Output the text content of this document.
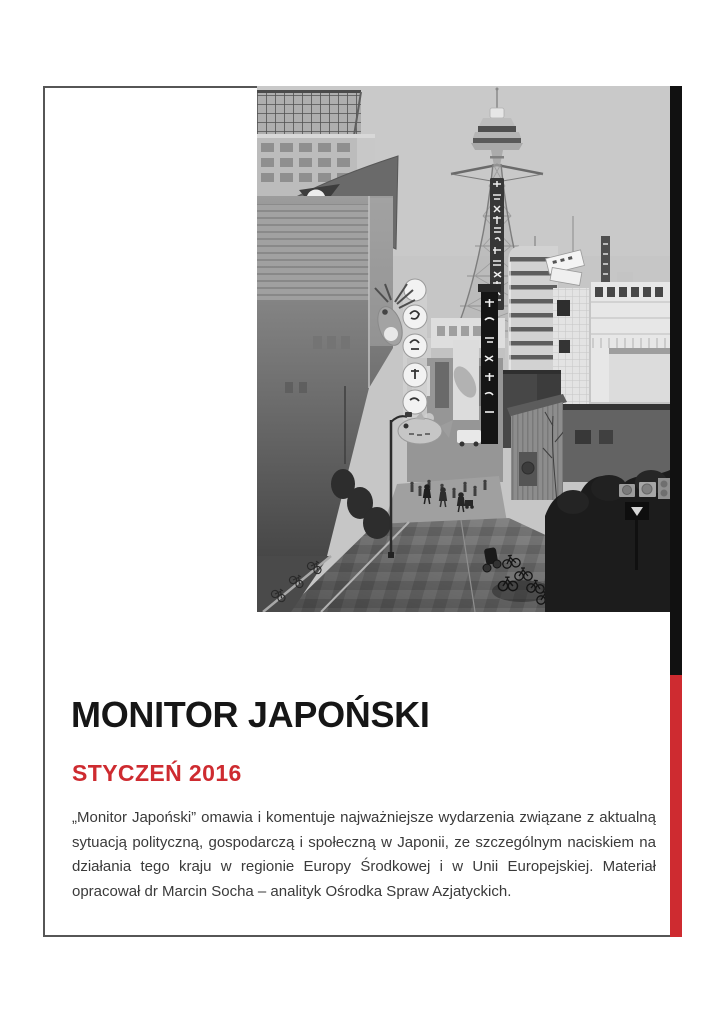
MONITOR JAPOŃSKI
STYCZEŃ 2016

„Monitor Japoński” omawia i komentuje najważniejsze wydarzenia związane z aktualną sytuacją polityczną, gospodarczą i społeczną w Japonii, ze szczególnym naciskiem na działania tego kraju w regionie Europy Środkowej i w Unii Europejskiej. Materiał opracował dr Marcin Socha – analityk Ośrodka Spraw Azjatyckich.
